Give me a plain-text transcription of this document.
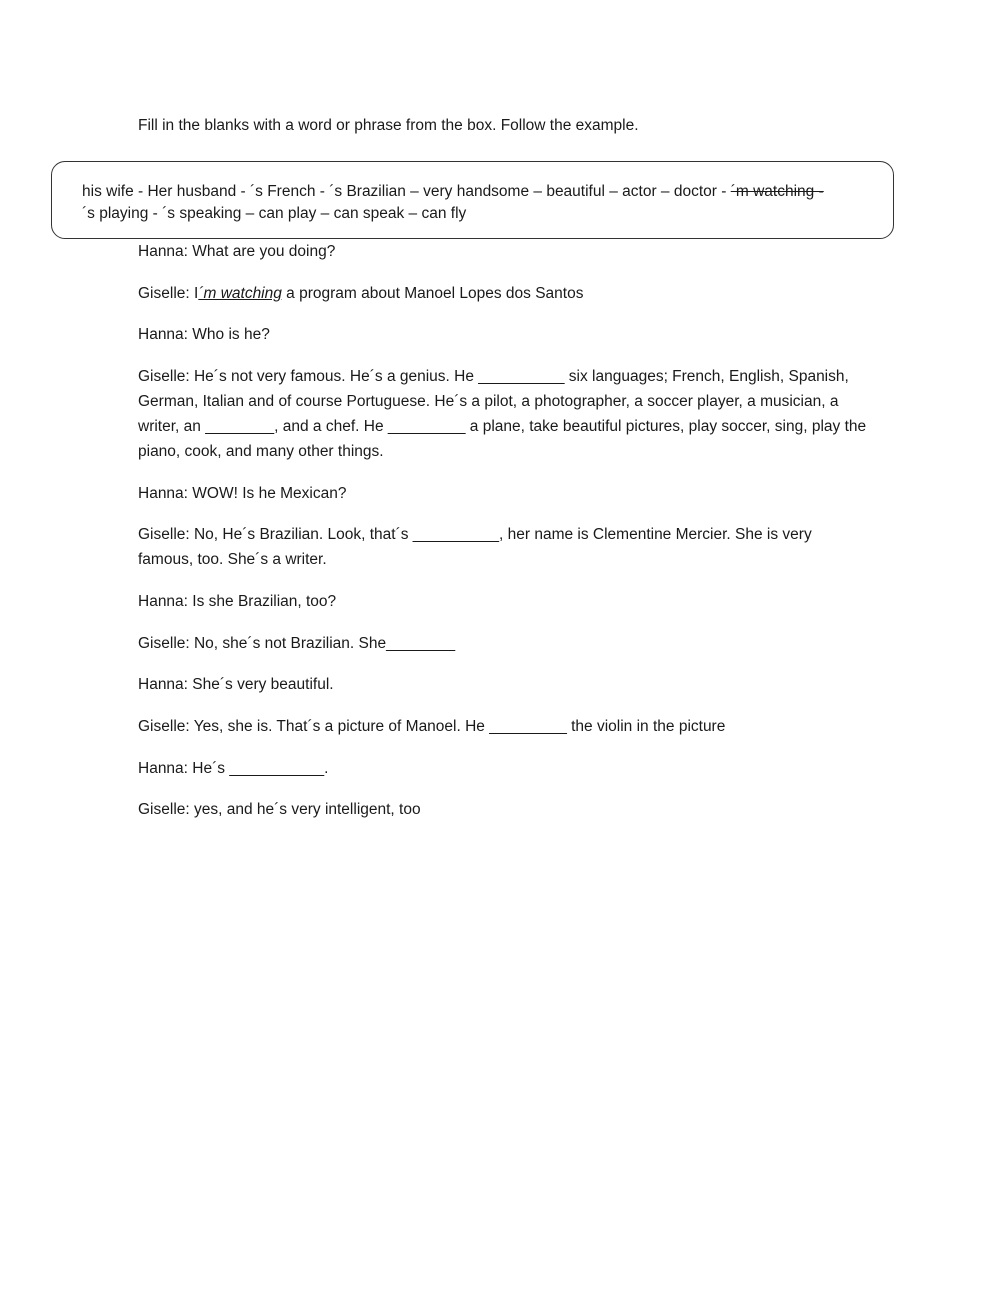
Fill in the blanks with a word or phrase from the box. Follow the example.
his wife - Her husband - ´s French - ´s Brazilian – very handsome – beautiful – actor – doctor - ´m watching -
´s playing - ´s speaking – can play – can speak – can fly
Hanna: What are you doing?
Giselle: I´m watching a program about Manoel Lopes dos Santos
Hanna: Who is he?
Giselle: He´s not very famous. He´s a genius. He __________ six languages; French, English, Spanish, German, Italian and of course Portuguese. He´s a pilot, a photographer, a soccer player, a musician, a writer, an ________, and a chef. He _________ a plane, take beautiful pictures, play soccer, sing, play the piano, cook, and many other things.
Hanna: WOW! Is he Mexican?
Giselle: No, He´s Brazilian. Look, that´s __________, her name is Clementine Mercier. She is very famous, too. She´s a writer.
Hanna: Is she Brazilian, too?
Giselle: No, she´s not Brazilian. She________
Hanna: She´s very beautiful.
Giselle: Yes, she is. That´s a picture of Manoel. He _________ the violin in the picture
Hanna: He´s ___________.
Giselle: yes, and he´s very intelligent, too
